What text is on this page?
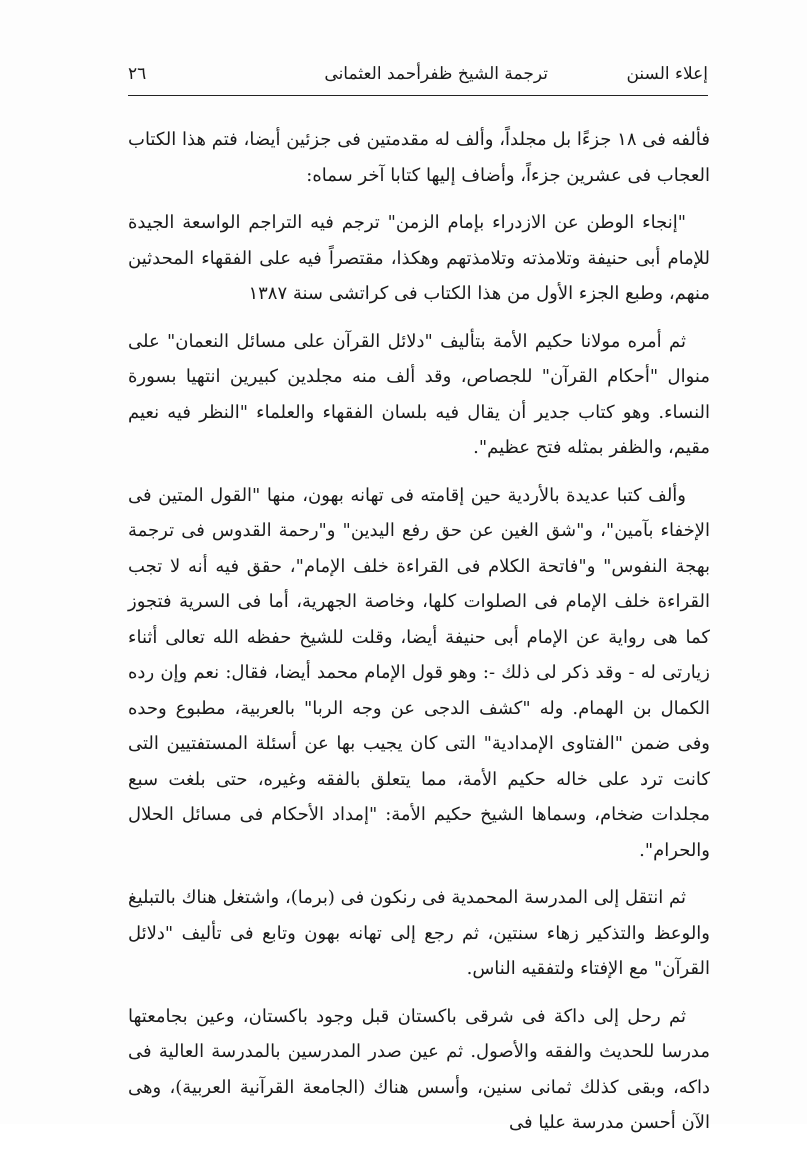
إعلاء السنن
ترجمة الشيخ ظفرأحمد العثمانى
٢٦

فألفه فى ١٨ جزءًا بل مجلداً، وألف له مقدمتين فى جزئين أيضا، فتم هذا الكتاب العجاب فى عشرين جزءاً، وأضاف إليها كتابا آخر سماه:

"إنجاء الوطن عن الازدراء بإمام الزمن" ترجم فيه التراجم الواسعة الجيدة للإمام أبى حنيفة وتلامذته وتلامذتهم وهكذا، مقتصراً فيه على الفقهاء المحدثين منهم، وطبع الجزء الأول من هذا الكتاب فى كراتشى سنة ١٣٨٧

ثم أمره مولانا حكيم الأمة بتأليف "دلائل القرآن على مسائل النعمان" على منوال "أحكام القرآن" للجصاص، وقد ألف منه مجلدين كبيرين انتهيا بسورة النساء. وهو كتاب جدير أن يقال فيه بلسان الفقهاء والعلماء "النظر فيه نعيم مقيم، والظفر بمثله فتح عظيم".

وألف كتبا عديدة بالأردية حين إقامته فى تهانه بهون، منها "القول المتين فى الإخفاء بآمين"، و"شق الغين عن حق رفع اليدين" و"رحمة القدوس فى ترجمة بهجة النفوس" و"فاتحة الكلام فى القراءة خلف الإمام"، حقق فيه أنه لا تجب القراءة خلف الإمام فى الصلوات كلها، وخاصة الجهرية، أما فى السرية فتجوز كما هى رواية عن الإمام أبى حنيفة أيضا، وقلت للشيخ حفظه الله تعالى أثناء زيارتى له - وقد ذكر لى ذلك -: وهو قول الإمام محمد أيضا، فقال: نعم وإن رده الكمال بن الهمام. وله "كشف الدجى عن وجه الربا" بالعربية، مطبوع وحده وفى ضمن "الفتاوى الإمدادية" التى كان يجيب بها عن أسئلة المستفتيين التى كانت ترد على خاله حكيم الأمة، مما يتعلق بالفقه وغيره، حتى بلغت سبع مجلدات ضخام، وسماها الشيخ حكيم الأمة: "إمداد الأحكام فى مسائل الحلال والحرام".

ثم انتقل إلى المدرسة المحمدية فى رنكون فى (برما)، واشتغل هناك بالتبليغ والوعظ والتذكير زهاء سنتين، ثم رجع إلى تهانه بهون وتابع فى تأليف "دلائل القرآن" مع الإفتاء ولتفقيه الناس.

ثم رحل إلى داكة فى شرقى باكستان قبل وجود باكستان، وعين بجامعتها مدرسا للحديث والفقه والأصول. ثم عين صدر المدرسين بالمدرسة العالية فى داكه، وبقى كذلك ثمانى سنين، وأسس هناك (الجامعة القرآنية العربية)، وهى الآن أحسن مدرسة عليا فى
